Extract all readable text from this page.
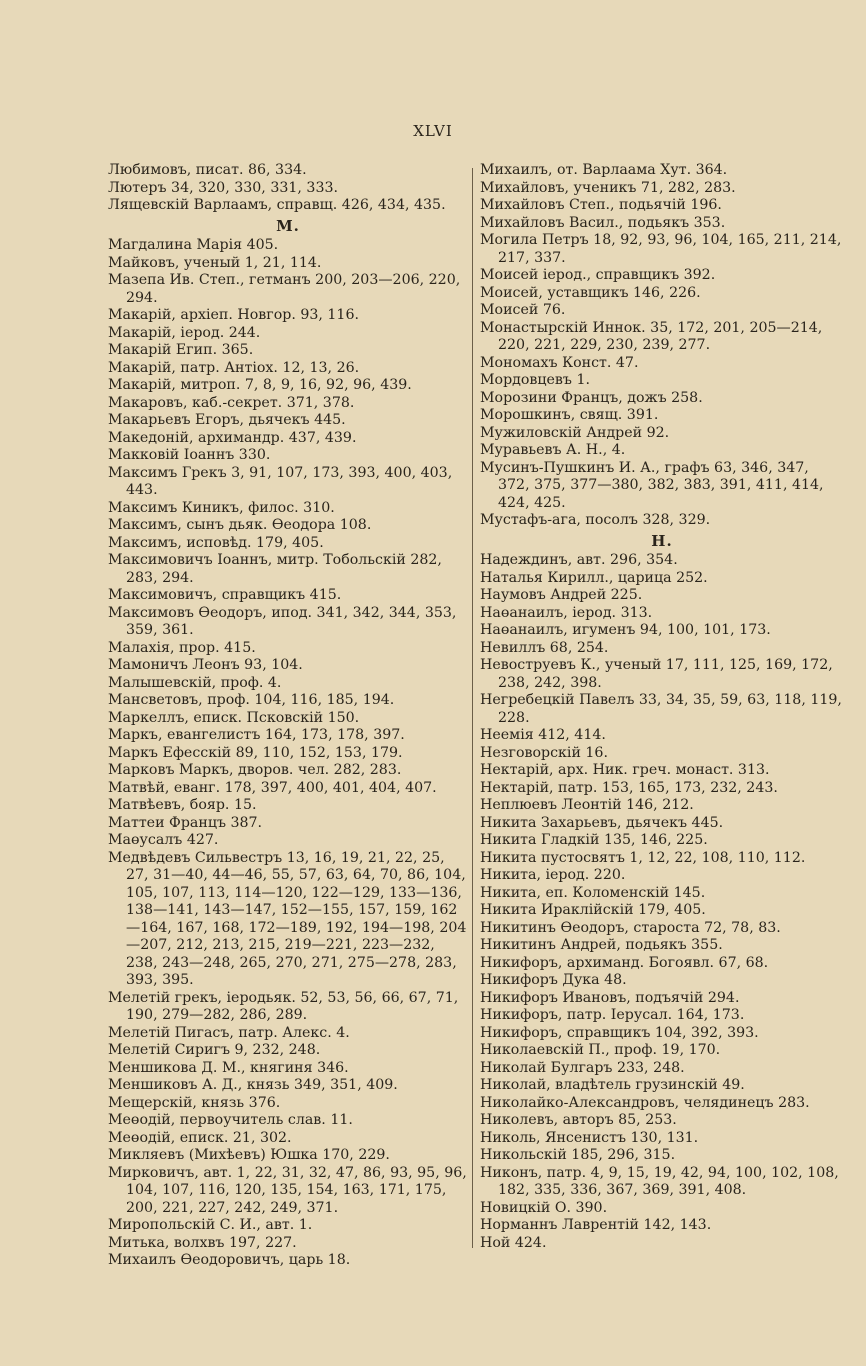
XLVI

Любимовъ, писат. 86, 334.

Лютеръ 34, 320, 330, 331, 333.

Лящевскій Варлаамъ, справщ. 426, 434, 435.

М.

Магдалина Марія 405.

Майковъ, ученый 1, 21, 114.

Мазепа Ив. Степ., гетманъ 200, 203—206, 220, 294.

Макарій, архіеп. Новгор. 93, 116.

Макарій, іерод. 244.

Макарій Егип. 365.

Макарій, патр. Антіох. 12, 13, 26.

Макарій, митроп. 7, 8, 9, 16, 92, 96, 439.

Макаровъ, каб.-секрет. 371, 378.

Макарьевъ Егоръ, дьячекъ 445.

Македоній, архимандр. 437, 439.

Макковій Іоаннъ 330.

Максимъ Грекъ 3, 91, 107, 173, 393, 400, 403, 443.

Максимъ Киникъ, филос. 310.

Максимъ, сынъ дьяк. Өеодора 108.

Максимъ, исповѣд. 179, 405.

Максимовичъ Іоаннъ, митр. Тобольскій 282, 283, 294.

Максимовичъ, справщикъ 415.

Максимовъ Өеодоръ, ипод. 341, 342, 344, 353, 359, 361.

Малахія, прор. 415.

Мамоничъ Леонъ 93, 104.

Малышевскій, проф. 4.

Мансветовъ, проф. 104, 116, 185, 194.

Маркеллъ, еписк. Псковскій 150.

Маркъ, евангелистъ 164, 173, 178, 397.

Маркъ Ефесскій 89, 110, 152, 153, 179.

Марковъ Маркъ, дворов. чел. 282, 283.

Матвѣй, еванг. 178, 397, 400, 401, 404, 407.

Матвѣевъ, бояр. 15.

Маттеи Францъ 387.

Маөусалъ 427.

Медвѣдевъ Сильвестръ 13, 16, 19, 21, 22, 25, 27, 31—40, 44—46, 55, 57, 63, 64, 70, 86, 104, 105, 107, 113, 114—120, 122—129, 133—136, 138—141, 143—147, 152—155, 157, 159, 162—164, 167, 168, 172—189, 192, 194—198, 204—207, 212, 213, 215, 219—221, 223—232, 238, 243—248, 265, 270, 271, 275—278, 283, 393, 395.

Мелетій грекъ, іеродьяк. 52, 53, 56, 66, 67, 71, 190, 279—282, 286, 289.

Мелетій Пигасъ, патр. Алекс. 4.

Мелетій Сиригъ 9, 232, 248.

Меншикова Д. М., княгиня 346.

Меншиковъ А. Д., князь 349, 351, 409.

Мещерскій, князь 376.

Меөодій, первоучитель слав. 11.

Меөодій, еписк. 21, 302.

Микляевъ (Михѣевъ) Юшка 170, 229.

Мирковичъ, авт. 1, 22, 31, 32, 47, 86, 93, 95, 96, 104, 107, 116, 120, 135, 154, 163, 171, 175, 200, 221, 227, 242, 249, 371.

Миропольскій С. И., авт. 1.

Митька, волхвъ 197, 227.

Михаилъ Өеодоровичъ, царь 18.

Михаилъ, от. Варлаама Хут. 364.

Михайловъ, ученикъ 71, 282, 283.

Михайловъ Степ., подьячій 196.

Михайловъ Васил., подьякъ 353.

Могила Петръ 18, 92, 93, 96, 104, 165, 211, 214, 217, 337.

Моисей іерод., справщикъ 392.

Моисей, уставщикъ 146, 226.

Моисей 76.

Монастырскій Иннок. 35, 172, 201, 205—214, 220, 221, 229, 230, 239, 277.

Мономахъ Конст. 47.

Мордовцевъ 1.

Морозини Францъ, дожъ 258.

Морошкинъ, свящ. 391.

Мужиловскій Андрей 92.

Муравьевъ А. Н., 4.

Мусинъ-Пушкинъ И. А., графъ 63, 346, 347, 372, 375, 377—380, 382, 383, 391, 411, 414, 424, 425.

Мустафъ-ага, посолъ 328, 329.

Н.

Надеждинъ, авт. 296, 354.

Наталья Кирилл., царица 252.

Наумовъ Андрей 225.

Наөанаилъ, іерод. 313.

Наөанаилъ, игуменъ 94, 100, 101, 173.

Невиллъ 68, 254.

Невоструевъ К., ученый 17, 111, 125, 169, 172, 238, 242, 398.

Негребецкій Павелъ 33, 34, 35, 59, 63, 118, 119, 228.

Неемія 412, 414.

Незговорскій 16.

Нектарій, арх. Ник. греч. монаст. 313.

Нектарій, патр. 153, 165, 173, 232, 243.

Неплюевъ Леонтій 146, 212.

Никита Захарьевъ, дьячекъ 445.

Никита Гладкій 135, 146, 225.

Никита пустосвятъ 1, 12, 22, 108, 110, 112.

Никита, іерод. 220.

Никита, еп. Коломенскій 145.

Никита Ираклійскій 179, 405.

Никитинъ Өеодоръ, староста 72, 78, 83.

Никитинъ Андрей, подьякъ 355.

Никифоръ, архиманд. Богоявл. 67, 68.

Никифоръ Дука 48.

Никифоръ Ивановъ, подъячій 294.

Никифоръ, патр. Іерусал. 164, 173.

Никифоръ, справщикъ 104, 392, 393.

Николаевскій П., проф. 19, 170.

Николай Булгаръ 233, 248.

Николай, владѣтель грузинскій 49.

Николайко-Александровъ, челядинецъ 283.

Николевъ, авторъ 85, 253.

Николь, Янсенистъ 130, 131.

Никольскій 185, 296, 315.

Никонъ, патр. 4, 9, 15, 19, 42, 94, 100, 102, 108, 182, 335, 336, 367, 369, 391, 408.

Новицкій О. 390.

Норманнъ Лаврентій 142, 143.

Ной 424.
